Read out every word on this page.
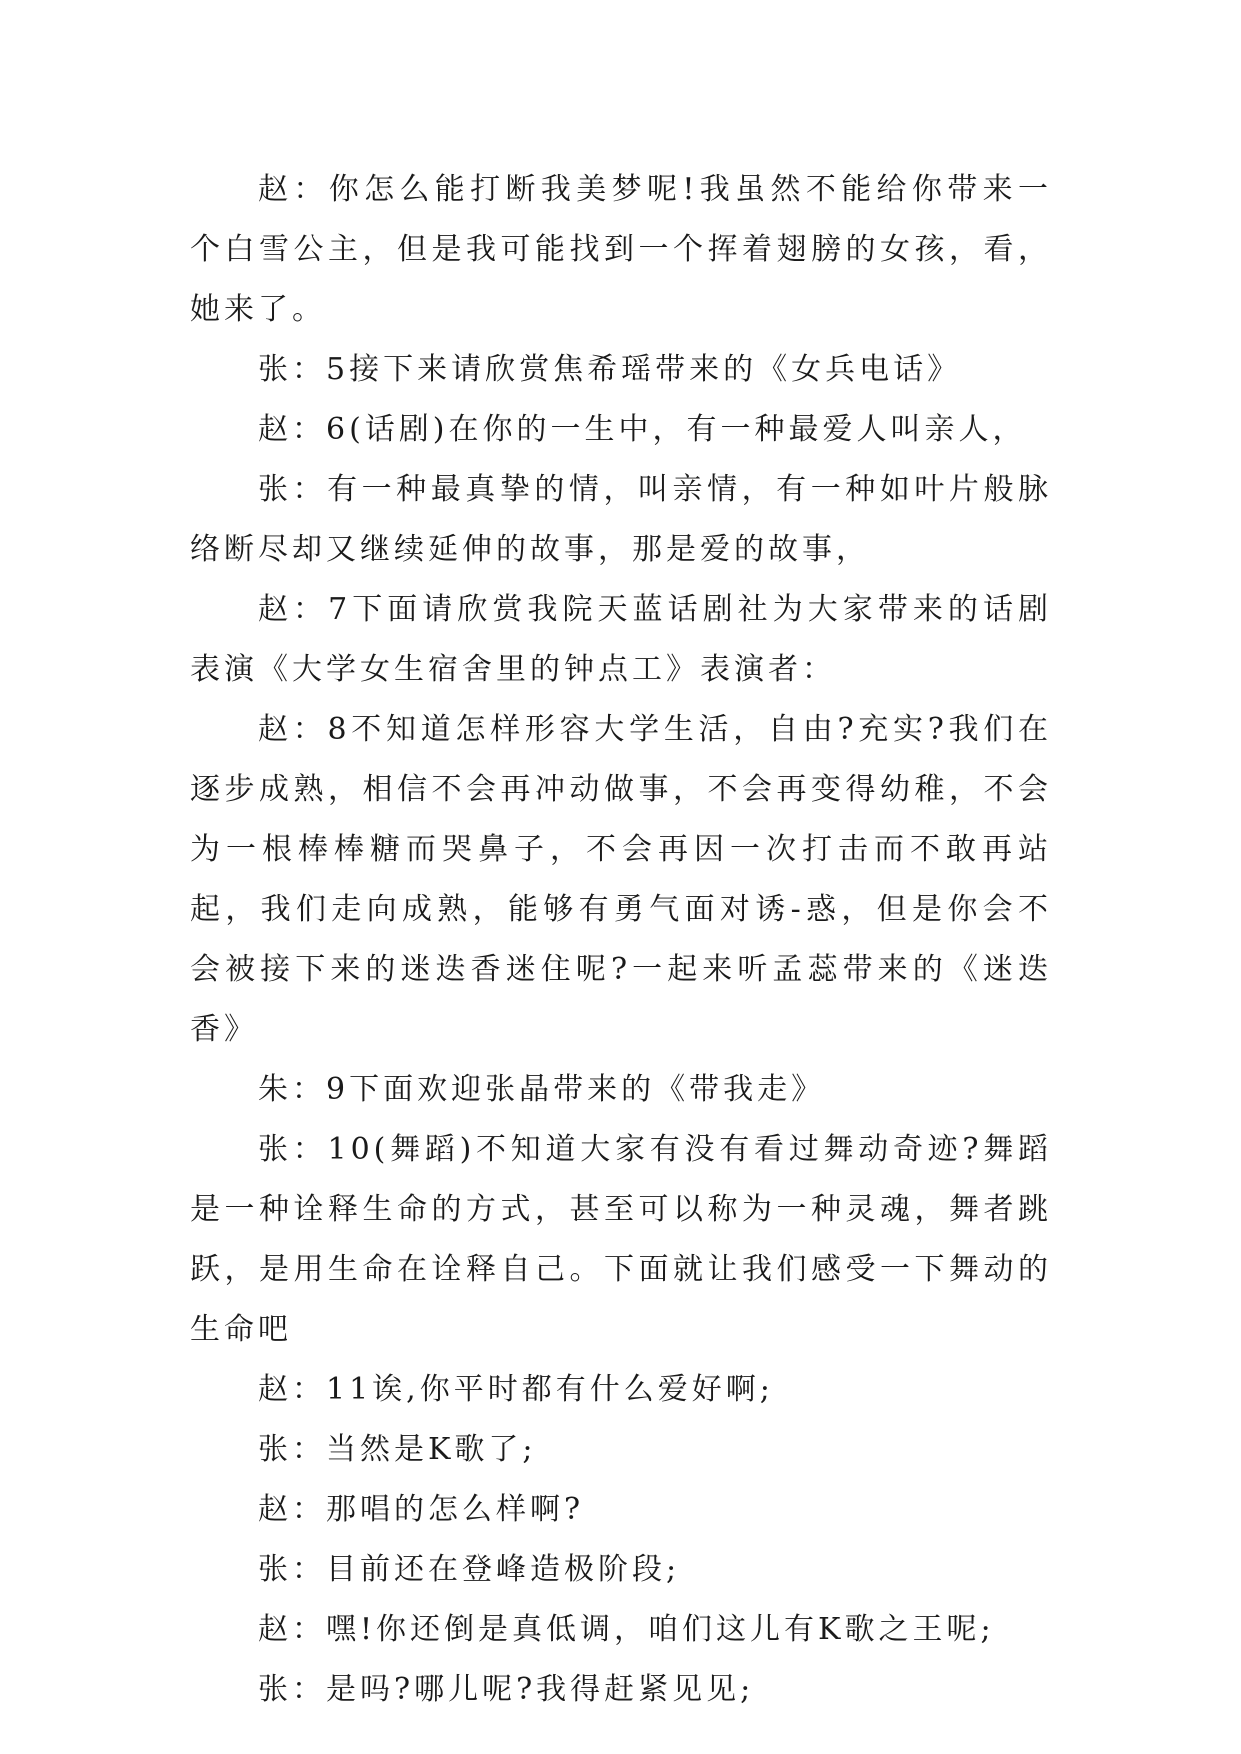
赵：你怎么能打断我美梦呢!我虽然不能给你带来一个白雪公主，但是我可能找到一个挥着翅膀的女孩，看，她来了。

张：5接下来请欣赏焦希瑶带来的《女兵电话》

赵：6(话剧)在你的一生中，有一种最爱人叫亲人，

张：有一种最真挚的情，叫亲情，有一种如叶片般脉络断尽却又继续延伸的故事，那是爱的故事，

赵：7下面请欣赏我院天蓝话剧社为大家带来的话剧表演《大学女生宿舍里的钟点工》表演者：

赵：8不知道怎样形容大学生活，自由?充实?我们在逐步成熟，相信不会再冲动做事，不会再变得幼稚，不会为一根棒棒糖而哭鼻子，不会再因一次打击而不敢再站起，我们走向成熟，能够有勇气面对诱-惑，但是你会不会被接下来的迷迭香迷住呢?一起来听孟蕊带来的《迷迭香》

朱：9下面欢迎张晶带来的《带我走》

张：10(舞蹈)不知道大家有没有看过舞动奇迹?舞蹈是一种诠释生命的方式，甚至可以称为一种灵魂，舞者跳跃，是用生命在诠释自己。下面就让我们感受一下舞动的生命吧

赵：11诶,你平时都有什么爱好啊;

张：当然是K歌了;

赵：那唱的怎么样啊?

张：目前还在登峰造极阶段;

赵：嘿!你还倒是真低调，咱们这儿有K歌之王呢;

张：是吗?哪儿呢?我得赶紧见见;
